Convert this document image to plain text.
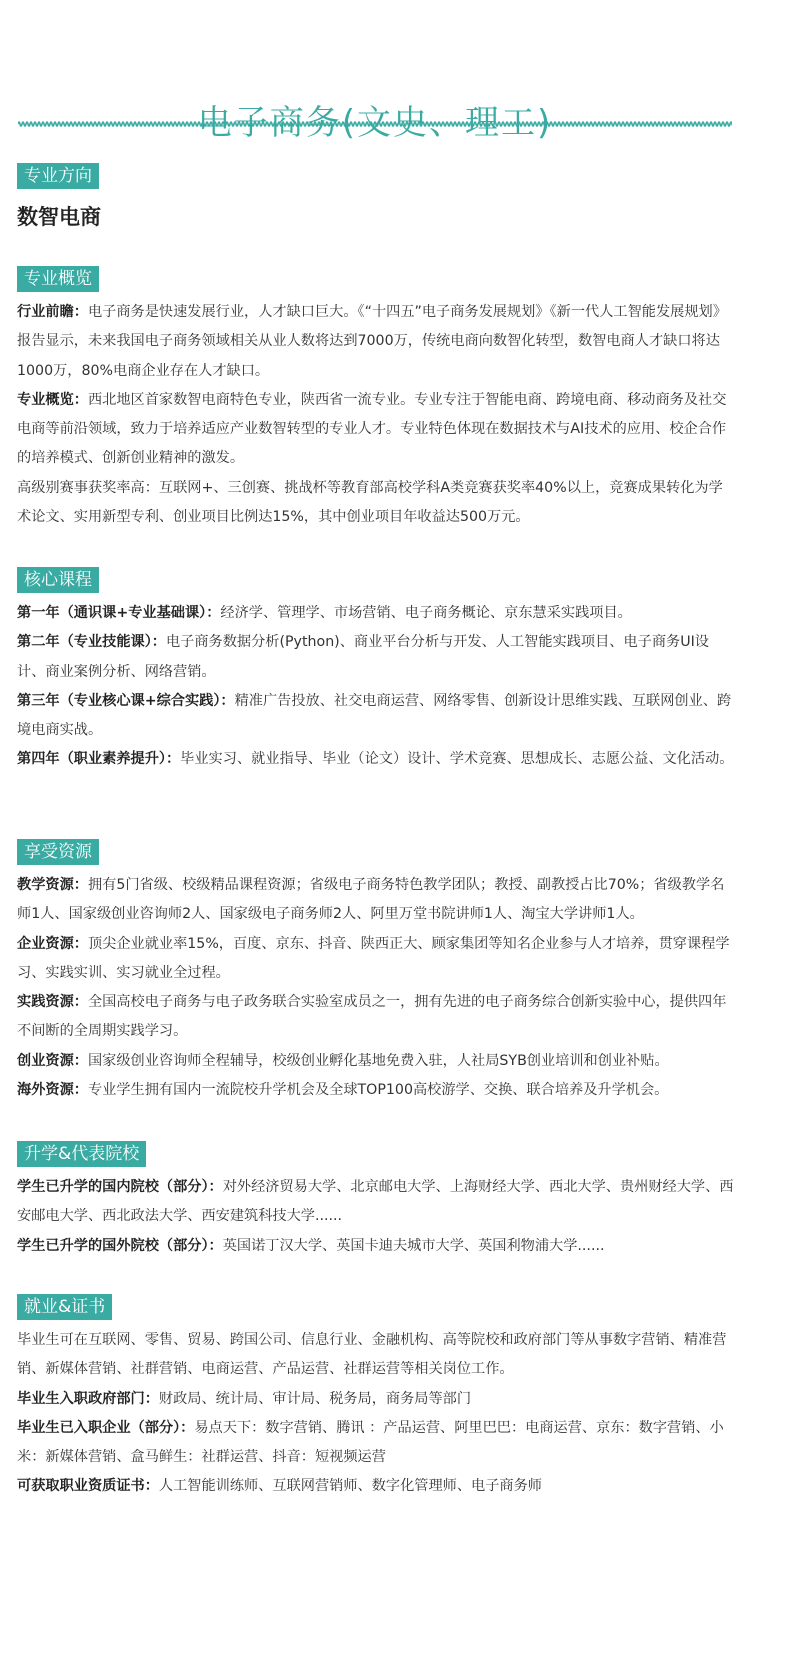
电子商务(文史、理工)
专业方向
数智电商
专业概览

行业前瞻：电子商务是快速发展行业，人才缺口巨大。《“十四五”电子商务发展规划》《新一代人工智能发展规划》报告显示，未来我国电子商务领域相关从业人数将达到7000万，传统电商向数智化转型，数智电商人才缺口将达1000万，80%电商企业存在人才缺口。

专业概览：西北地区首家数智电商特色专业，陕西省一流专业。专业专注于智能电商、跨境电商、移动商务及社交电商等前沿领域，致力于培养适应产业数智转型的专业人才。专业特色体现在数据技术与AI技术的应用、校企合作的培养模式、创新创业精神的激发。

高级别赛事获奖率高：互联网+、三创赛、挑战杯等教育部高校学科A类竞赛获奖率40%以上，竞赛成果转化为学术论文、实用新型专利、创业项目比例达15%，其中创业项目年收益达500万元。

核心课程

第一年（通识课+专业基础课）：经济学、管理学、市场营销、电子商务概论、京东慧采实践项目。

第二年（专业技能课）：电子商务数据分析(Python)、商业平台分析与开发、人工智能实践项目、电子商务UI设计、商业案例分析、网络营销。

第三年（专业核心课+综合实践）：精准广告投放、社交电商运营、网络零售、创新设计思维实践、互联网创业、跨境电商实战。

第四年（职业素养提升）：毕业实习、就业指导、毕业（论文）设计、学术竞赛、思想成长、志愿公益、文化活动。

享受资源

教学资源：拥有5门省级、校级精品课程资源；省级电子商务特色教学团队；教授、副教授占比70%；省级教学名师1人、国家级创业咨询师2人、国家级电子商务师2人、阿里万堂书院讲师1人、淘宝大学讲师1人。

企业资源：顶尖企业就业率15%，百度、京东、抖音、陕西正大、顾家集团等知名企业参与人才培养，贯穿课程学习、实践实训、实习就业全过程。

实践资源：全国高校电子商务与电子政务联合实验室成员之一，拥有先进的电子商务综合创新实验中心，提供四年不间断的全周期实践学习。

创业资源：国家级创业咨询师全程辅导，校级创业孵化基地免费入驻，人社局SYB创业培训和创业补贴。

海外资源：专业学生拥有国内一流院校升学机会及全球TOP100高校游学、交换、联合培养及升学机会。

升学&代表院校

学生已升学的国内院校（部分）：对外经济贸易大学、北京邮电大学、上海财经大学、西北大学、贵州财经大学、西安邮电大学、西北政法大学、西安建筑科技大学......

学生已升学的国外院校（部分）：英国诺丁汉大学、英国卡迪夫城市大学、英国利物浦大学......

就业&证书

毕业生可在互联网、零售、贸易、跨国公司、信息行业、金融机构、高等院校和政府部门等从事数字营销、精准营销、新媒体营销、社群营销、电商运营、产品运营、社群运营等相关岗位工作。

毕业生入职政府部门：财政局、统计局、审计局、税务局，商务局等部门

毕业生已入职企业（部分）：易点天下：数字营销、腾讯 ：产品运营、阿里巴巴：电商运营、京东：数字营销、小米：新媒体营销、盒马鲜生：社群运营、抖音：短视频运营

可获取职业资质证书：人工智能训练师、互联网营销师、数字化管理师、电子商务师
